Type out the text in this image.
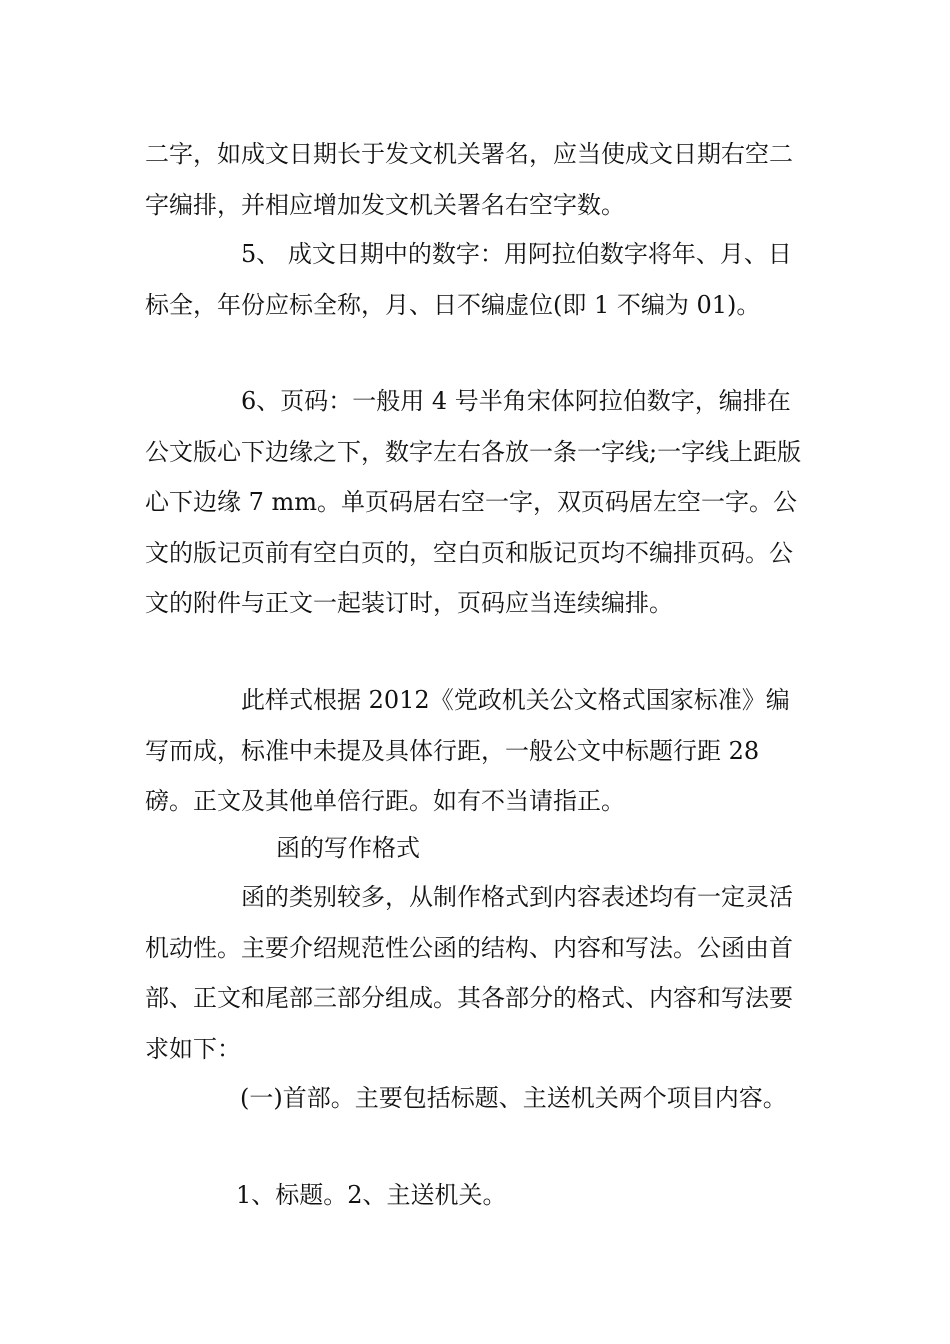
二字，如成文日期长于发文机关署名，应当使成文日期右空二字编排，并相应增加发文机关署名右空字数。

5、 成文日期中的数字：用阿拉伯数字将年、月、日标全，年份应标全称，月、日不编虚位(即 1 不编为 01)。

6、页码：一般用 4 号半角宋体阿拉伯数字，编排在公文版心下边缘之下，数字左右各放一条一字线;一字线上距版心下边缘 7 mm。单页码居右空一字，双页码居左空一字。公文的版记页前有空白页的，空白页和版记页均不编排页码。公文的附件与正文一起装订时，页码应当连续编排。

此样式根据 2012《党政机关公文格式国家标准》编写而成，标准中未提及具体行距，一般公文中标题行距 28 磅。正文及其他单倍行距。如有不当请指正。

函的写作格式

函的类别较多，从制作格式到内容表述均有一定灵活机动性。主要介绍规范性公函的结构、内容和写法。公函由首部、正文和尾部三部分组成。其各部分的格式、内容和写法要求如下：

(一)首部。主要包括标题、主送机关两个项目内容。

1、标题。2、主送机关。
